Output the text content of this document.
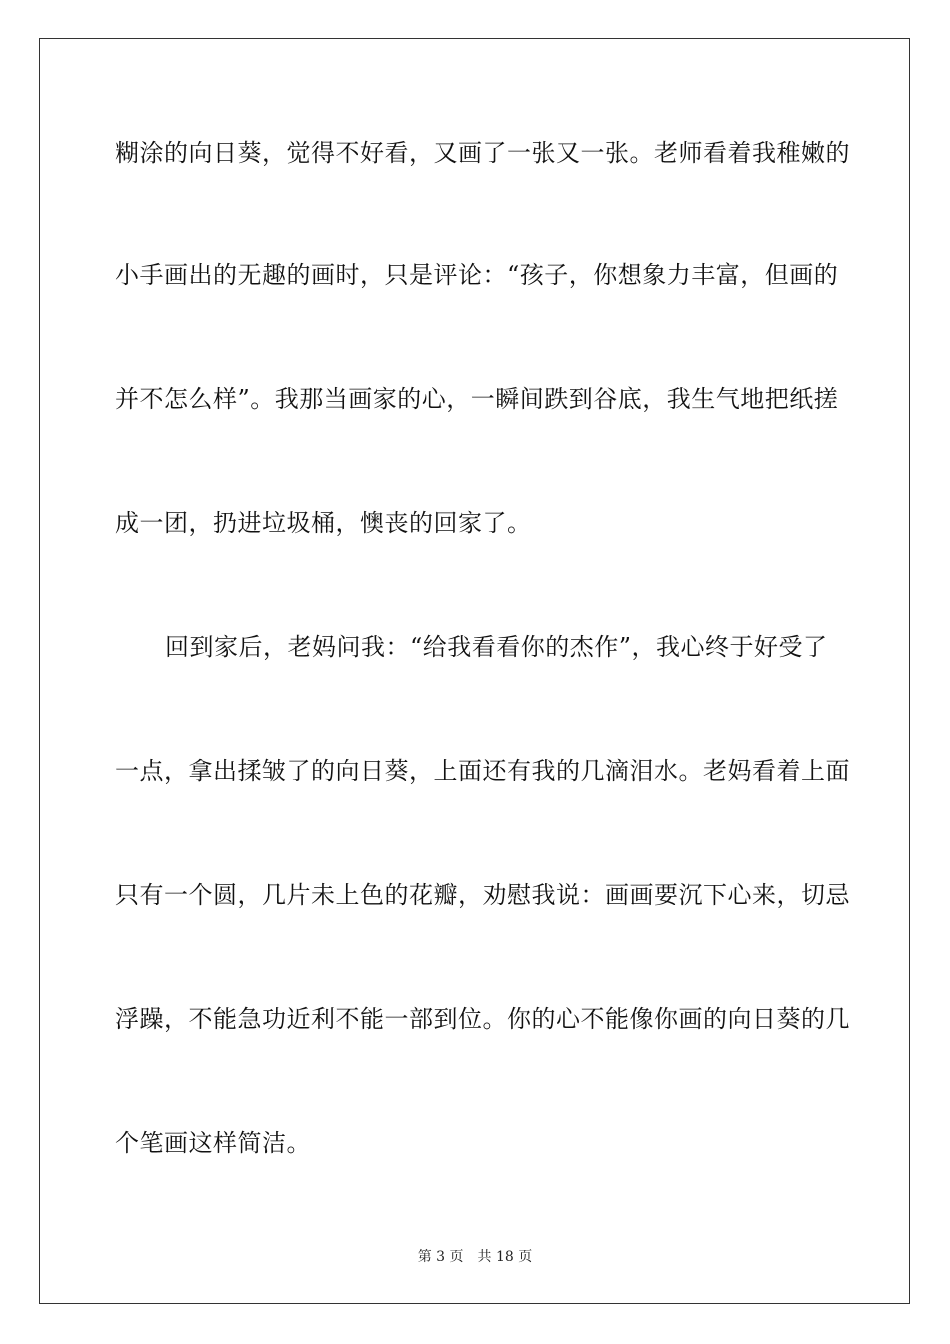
糊涂的向日葵，觉得不好看，又画了一张又一张。老师看着我稚嫩的
小手画出的无趣的画时，只是评论：“孩子，你想象力丰富，但画的
并不怎么样”。我那当画家的心，一瞬间跌到谷底，我生气地把纸搓
成一团，扔进垃圾桶，懊丧的回家了。
回到家后，老妈问我：“给我看看你的杰作”，我心终于好受了
一点，拿出揉皱了的向日葵，上面还有我的几滴泪水。老妈看着上面
只有一个圆，几片未上色的花瓣，劝慰我说：画画要沉下心来，切忌
浮躁，不能急功近利不能一部到位。你的心不能像你画的向日葵的几
个笔画这样简洁。
第 3 页 共 18 页
